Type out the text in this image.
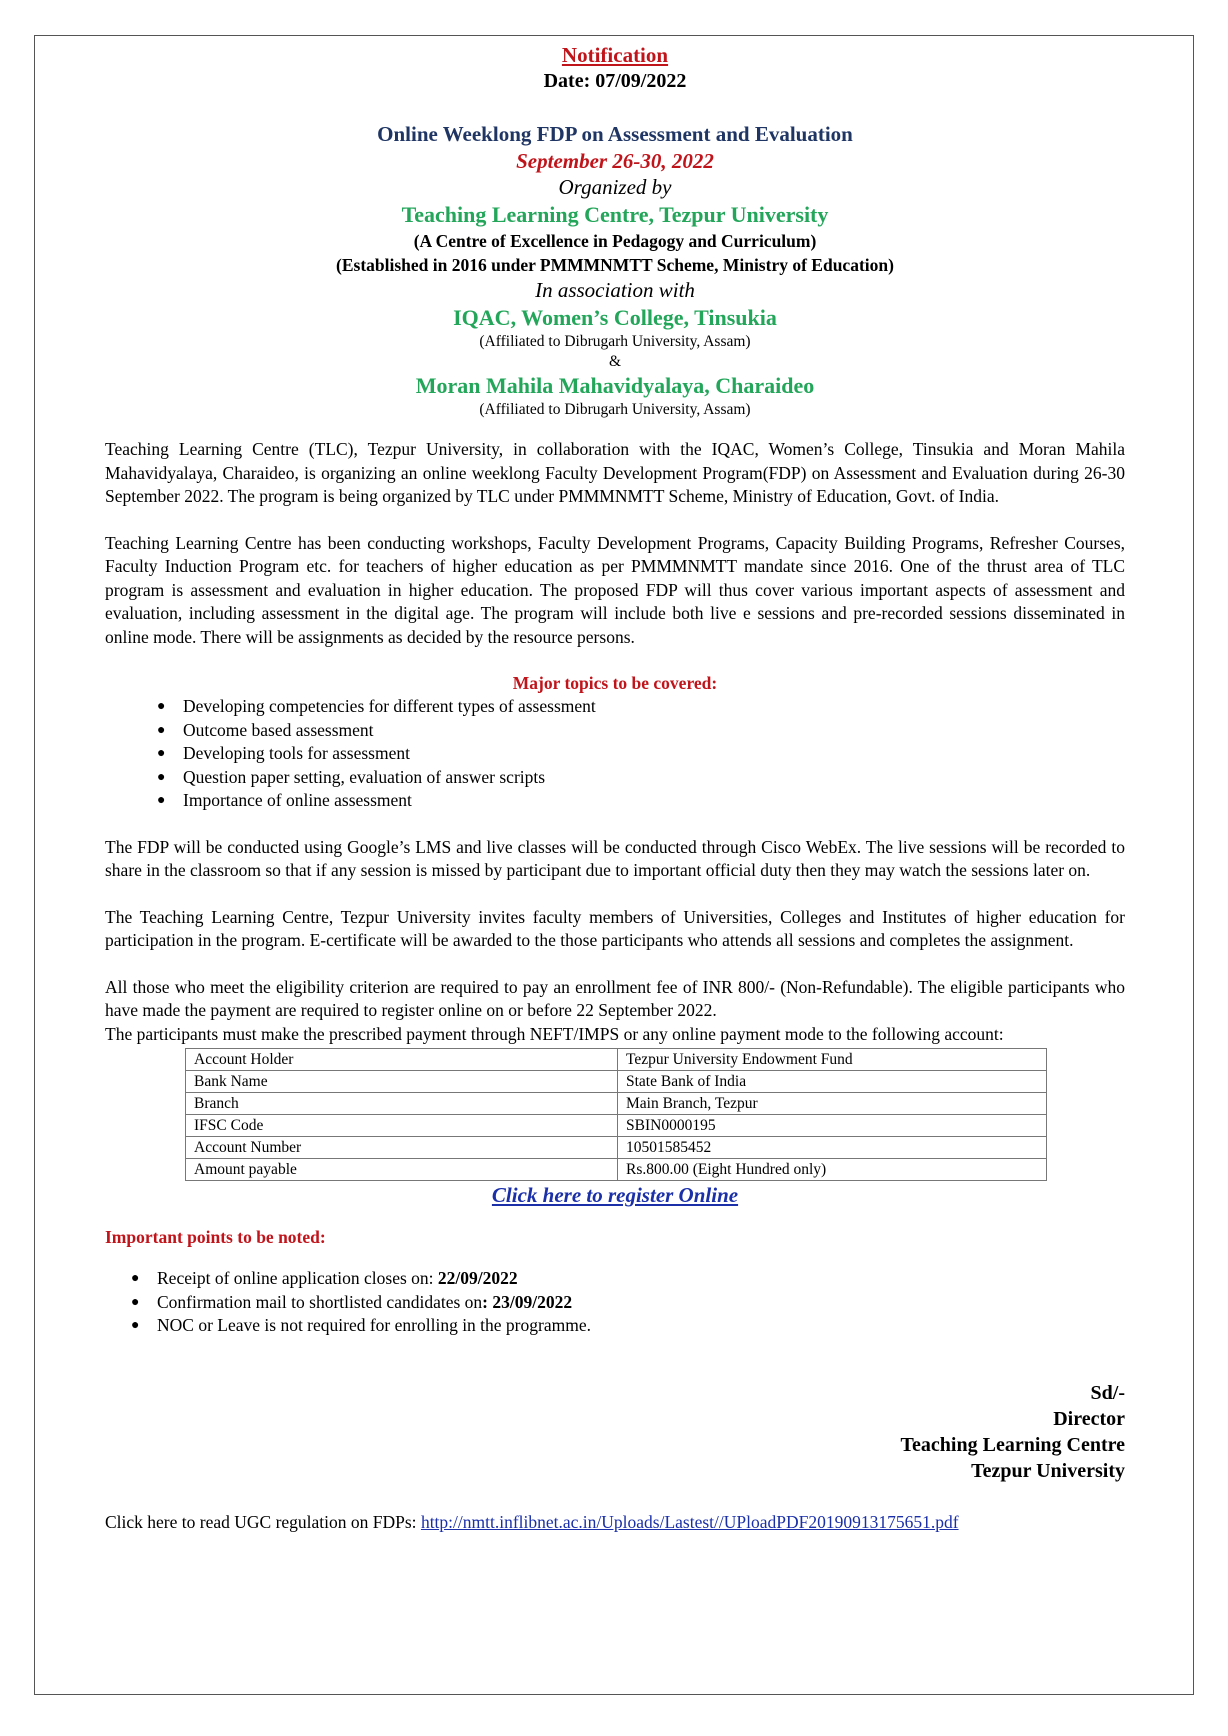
Notification
Date: 07/09/2022
Online Weeklong FDP on Assessment and Evaluation
September 26-30, 2022
Organized by
Teaching Learning Centre, Tezpur University
(A Centre of Excellence in Pedagogy and Curriculum)
(Established in 2016 under PMMMNMTT Scheme, Ministry of Education)
In association with
IQAC, Women’s College, Tinsukia
(Affiliated to Dibrugarh University, Assam)
&
Moran Mahila Mahavidyalaya, Charaideo
(Affiliated to Dibrugarh University, Assam)

Teaching Learning Centre (TLC), Tezpur University, in collaboration with the IQAC, Women’s College, Tinsukia and Moran Mahila Mahavidyalaya, Charaideo, is organizing an online weeklong Faculty Development Program(FDP) on Assessment and Evaluation during 26-30 September 2022. The program is being organized by TLC under PMMMNMTT Scheme, Ministry of Education, Govt. of India.

Teaching Learning Centre has been conducting workshops, Faculty Development Programs, Capacity Building Programs, Refresher Courses, Faculty Induction Program etc. for teachers of higher education as per PMMMNMTT mandate since 2016. One of the thrust area of TLC program is assessment and evaluation in higher education. The proposed FDP will thus cover various important aspects of assessment and evaluation, including assessment in the digital age. The program will include both live e sessions and pre-recorded sessions disseminated in online mode. There will be assignments as decided by the resource persons.

Major topics to be covered:
● Developing competencies for different types of assessment
● Outcome based assessment
● Developing tools for assessment
● Question paper setting, evaluation of answer scripts
● Importance of online assessment

The FDP will be conducted using Google’s LMS and live classes will be conducted through Cisco WebEx. The live sessions will be recorded to share in the classroom so that if any session is missed by participant due to important official duty then they may watch the sessions later on.

The Teaching Learning Centre, Tezpur University invites faculty members of Universities, Colleges and Institutes of higher education for participation in the program. E-certificate will be awarded to the those participants who attends all sessions and completes the assignment.

All those who meet the eligibility criterion are required to pay an enrollment fee of INR 800/- (Non-Refundable). The eligible participants who have made the payment are required to register online on or before 22 September 2022.

The participants must make the prescribed payment through NEFT/IMPS or any online payment mode to the following account:

Account Holder	Tezpur University Endowment Fund
Bank Name	State Bank of India
Branch	Main Branch, Tezpur
IFSC Code	SBIN0000195
Account Number	10501585452
Amount payable	Rs.800.00 (Eight Hundred only)
Click here to register Online
Important points to be noted:
● Receipt of online application closes on: 22/09/2022
● Confirmation mail to shortlisted candidates on: 23/09/2022
● NOC or Leave is not required for enrolling in the programme.
Sd/-
Director
Teaching Learning Centre
Tezpur University
Click here to read UGC regulation on FDPs: http://nmtt.inflibnet.ac.in/Uploads/Lastest//UPloadPDF20190913175651.pdf
